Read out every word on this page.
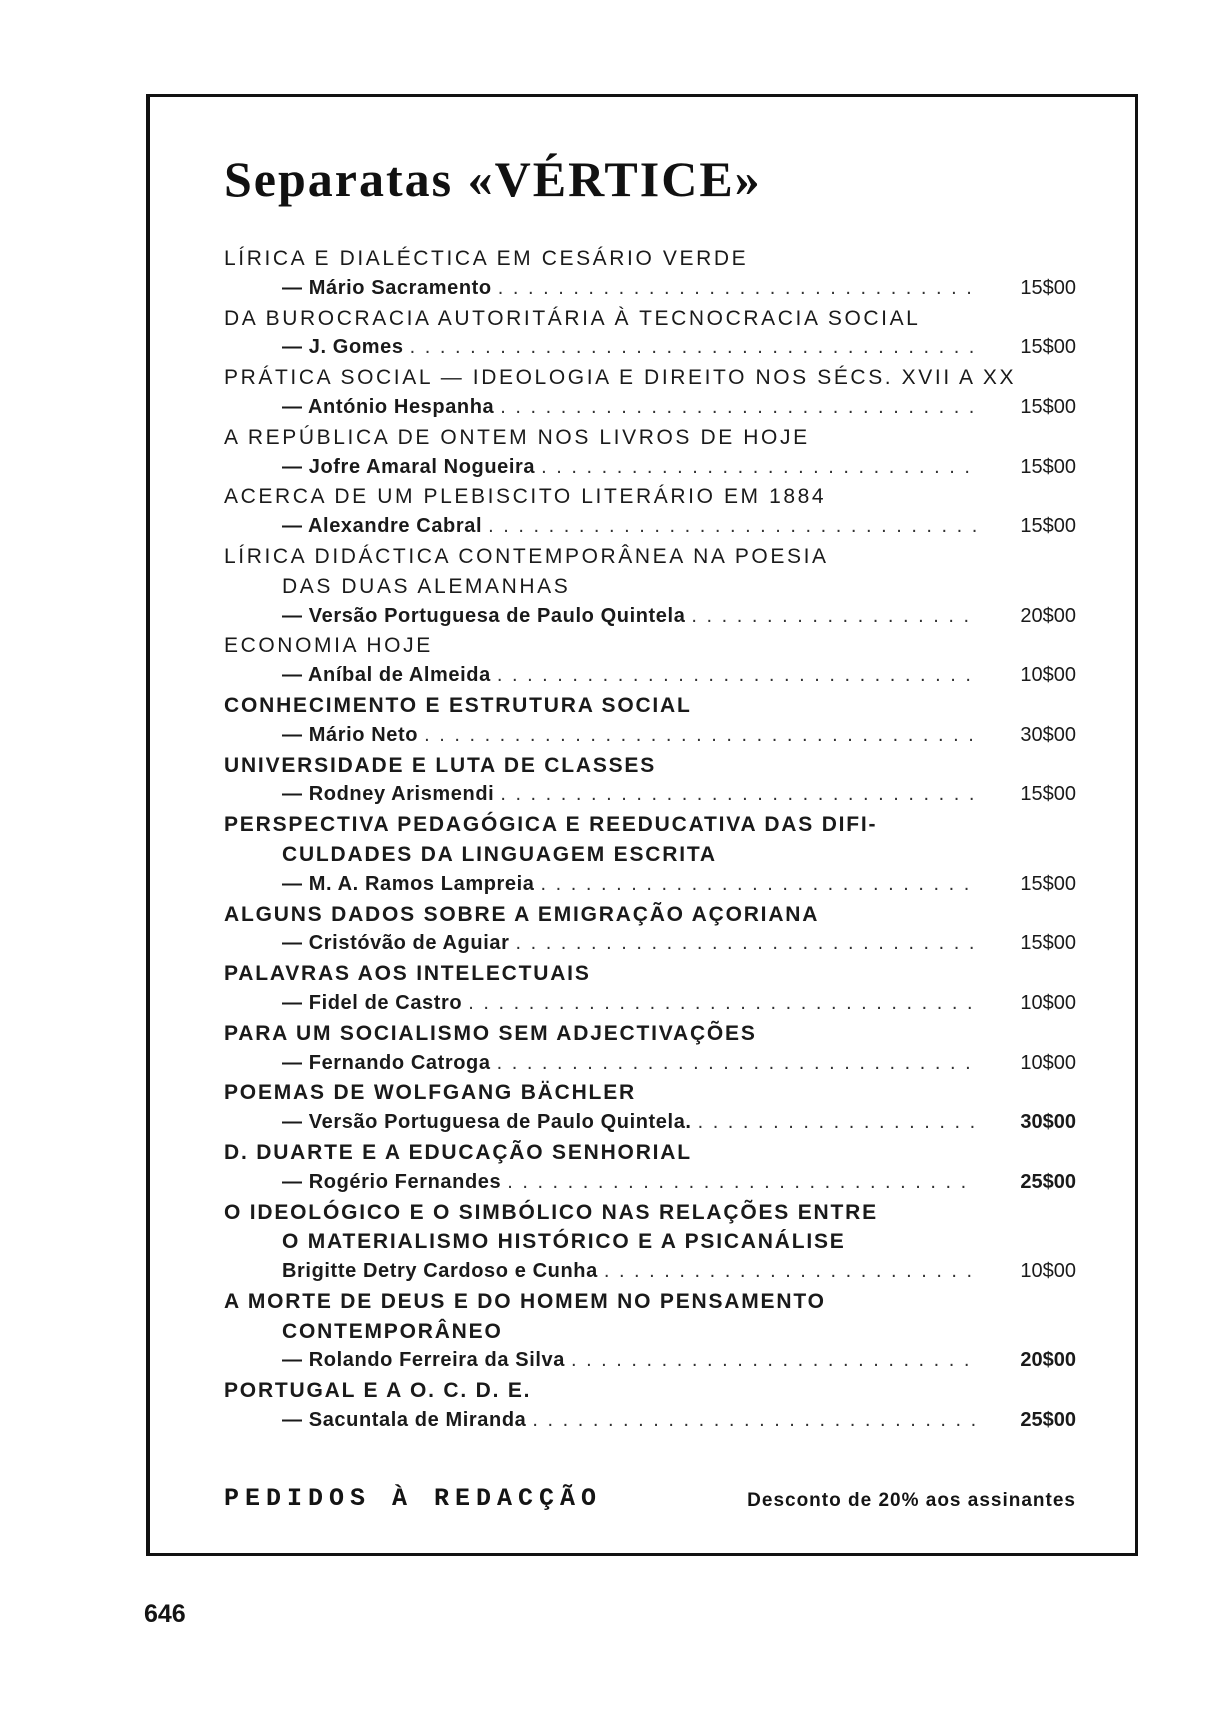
Separatas «VÉRTICE»
LÍRICA E DIALÉCTICA EM CESÁRIO VERDE
— Mário Sacramento . . .	15$00
DA BUROCRACIA AUTORITÁRIA À TECNOCRACIA SOCIAL
— J. Gomes . . .	15$00
PRÁTICA SOCIAL — IDEOLOGIA E DIREITO NOS SÉCS. XVII A XX
— António Hespanha . . .	15$00
A REPÚBLICA DE ONTEM NOS LIVROS DE HOJE
— Jofre Amaral Nogueira . . .	15$00
ACERCA DE UM PLEBISCITO LITERÁRIO EM 1884
— Alexandre Cabral . . .	15$00
LÍRICA DIDÁCTICA CONTEMPORÂNEA NA POESIA
DAS DUAS ALEMANHAS
— Versão Portuguesa de Paulo Quintela . . .	20$00
ECONOMIA HOJE
— Aníbal de Almeida . . .	10$00
CONHECIMENTO E ESTRUTURA SOCIAL
— Mário Neto . . .	30$00
UNIVERSIDADE E LUTA DE CLASSES
— Rodney Arismendi . . .	15$00
PERSPECTIVA PEDAGÓGICA E REEDUCATIVA DAS DIFI-
CULDADES DA LINGUAGEM ESCRITA
— M. A. Ramos Lampreia . . .	15$00
ALGUNS DADOS SOBRE A EMIGRAÇÃO AÇORIANA
— Cristóvão de Aguiar . . .	15$00
PALAVRAS AOS INTELECTUAIS
— Fidel de Castro . . .	10$00
PARA UM SOCIALISMO SEM ADJECTIVAÇÕES
— Fernando Catroga . . .	10$00
POEMAS DE WOLFGANG BÄCHLER
— Versão Portuguesa de Paulo Quintela. . . .	30$00
D. DUARTE E A EDUCAÇÃO SENHORIAL
— Rogério Fernandes . . .	25$00
O IDEOLÓGICO E O SIMBÓLICO NAS RELAÇÕES ENTRE
O MATERIALISMO HISTÓRICO E A PSICANÁLISE
Brigitte Detry Cardoso e Cunha . . .	10$00
A MORTE DE DEUS E DO HOMEM NO PENSAMENTO
CONTEMPORÂNEO
— Rolando Ferreira da Silva . . .	20$00
PORTUGAL E A O. C. D. E.
— Sacuntala de Miranda . . .	25$00
PEDIDOS À REDACÇÃO	Desconto de 20% aos assinantes
646
